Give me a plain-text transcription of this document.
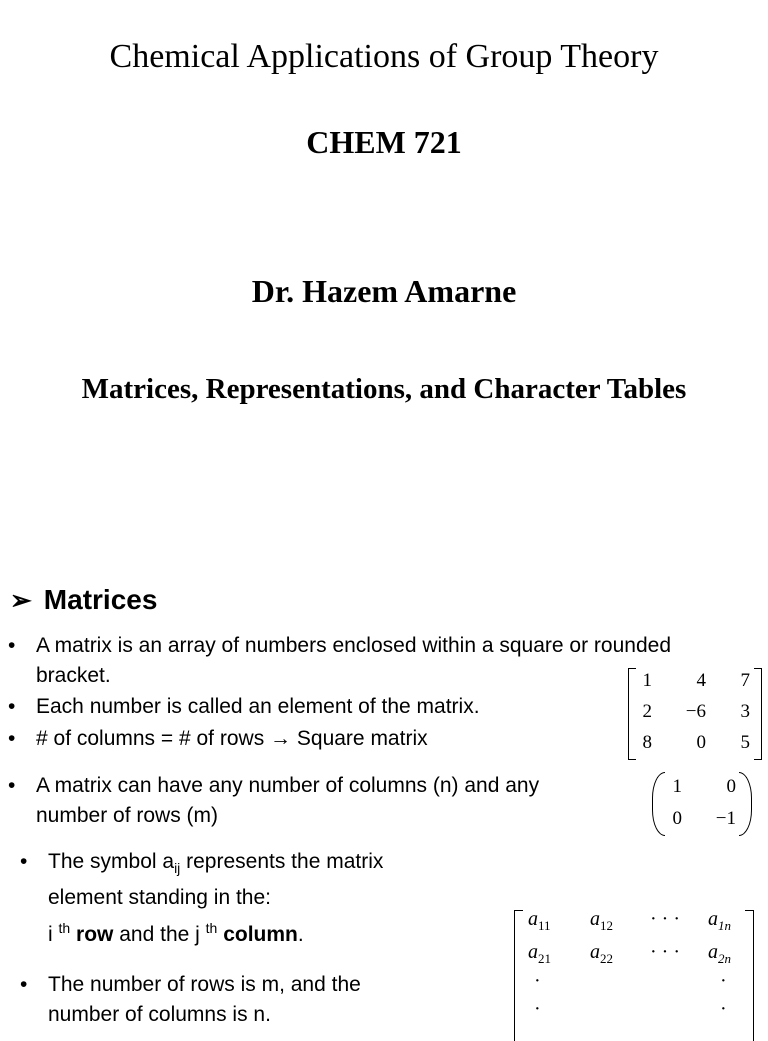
Chemical Applications of Group Theory
CHEM 721
Dr. Hazem Amarne
Matrices, Representations, and Character Tables
➢ Matrices
• A matrix is an array of numbers enclosed within a square or rounded
bracket.
• Each number is called an element of the matrix.
• # of columns = # of rows → Square matrix
• A matrix can have any number of columns (n) and any
number of rows (m)
• The symbol $a_{ij}$ represents the matrix
element standing in the:
i $^{th}$ row and the j $^{th}$ column.
• The number of rows is m, and the
number of columns is n.
1	4	7
2	−6	3
8	0	5
1	0
0	−1
$a_{11}$ $a_{12}$ · · · $a_{1n}$
$a_{21}$ $a_{22}$ · · · $a_{2n}$
·	·
·	·
